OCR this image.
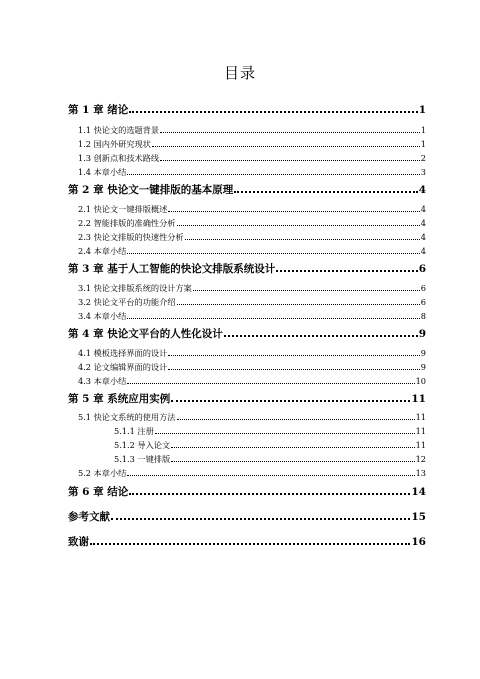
目录
第 1 章 绪论	1
1.1 快论文的选题背景	1
1.2 国内外研究现状	1
1.3 创新点和技术路线	2
1.4 本章小结	3
第 2 章 快论文一键排版的基本原理	4
2.1 快论文一键排版概述	4
2.2 智能排版的准确性分析	4
2.3 快论文排版的快速性分析	4
2.4 本章小结	4
第 3 章 基于人工智能的快论文排版系统设计	6
3.1 快论文排版系统的设计方案	6
3.2 快论文平台的功能介绍	6
3.4 本章小结	8
第 4 章 快论文平台的人性化设计	9
4.1 模板选择界面的设计	9
4.2 论文编辑界面的设计	9
4.3 本章小结	10
第 5 章 系统应用实例	11
5.1 快论文系统的使用方法	11
5.1.1 注册	11
5.1.2 导入论文	11
5.1.3 一键排版	12
5.2 本章小结	13
第 6 章 结论	14
参考文献	15
致谢	16
